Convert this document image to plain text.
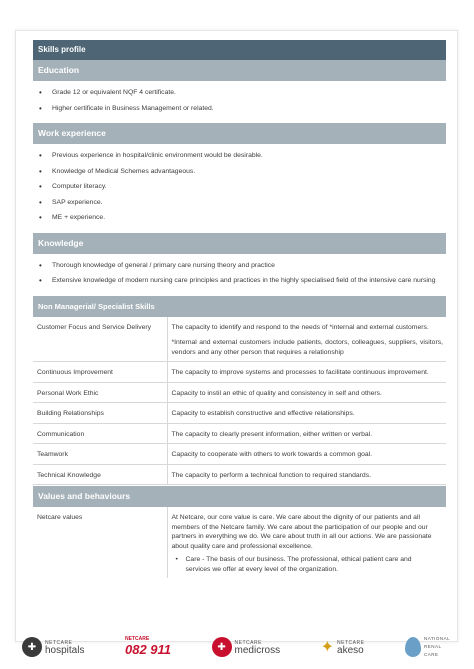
Skills profile
Education
• Grade 12 or equivalent NQF 4 certificate.
• Higher certificate in Business Management or related.
Work experience
• Previous experience in hospital/clinic environment would be desirable.
• Knowledge of Medical Schemes advantageous.
• Computer literacy.
• SAP experience.
• ME + experience.
Knowledge
• Thorough knowledge of general / primary care nursing theory and practice
• Extensive knowledge of modern nursing care principles and practices in the highly specialised field of the intensive care nursing
Non Managerial/ Specialist Skills
Customer Focus and Service Delivery	The capacity to identify and respond to the needs of *internal and external customers.

*Internal and external customers include patients, doctors, colleagues, suppliers, visitors, vendors and any other person that requires a relationship

Continuous Improvement	The capacity to improve systems and processes to facilitate continuous improvement.
Personal Work Ethic	Capacity to instil an ethic of quality and consistency in self and others.
Building Relationships	Capacity to establish constructive and effective relationships.
Communication	The capacity to clearly present information, either written or verbal.
Teamwork	Capacity to cooperate with others to work towards a common goal.
Technical Knowledge	The capacity to perform a technical function to required standards.
Values and behaviours
Netcare values	At Netcare, our core value is care. We care about the dignity of our patients and all members of the Netcare family. We care about the participation of our people and our partners in everything we do. We care about truth in all our actions. We are passionate about quality care and professional excellence.

• Care - The basis of our business. The professional, ethical patient care and services we offer at every level of the organization.
✚	NETCARE
hospitals
NETCARE
082 911	✚	NETCARE
medicross	✦ NETCARE
akeso
NATIONAL RENAL CARE
